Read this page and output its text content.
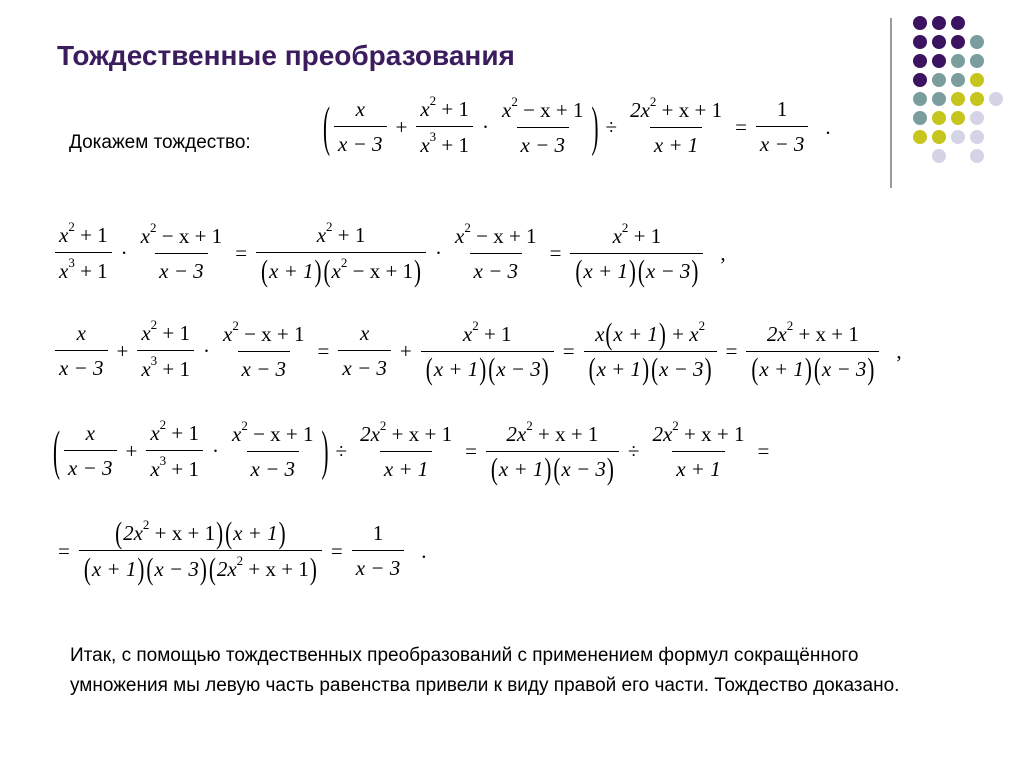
Тождественные преобразования
Докажем тождество:	( $\frac{x}{x - 3} + \frac{x^2 + 1}{x^3 + 1} \cdot \frac{x^2 - x + 1}{x - 3}$ ) ÷ $\frac{2x^2 + x + 1}{x + 1} = \frac{1}{x - 3}$ .
$\frac{x^2 + 1}{x^3 + 1} \cdot \frac{x^2 - x + 1}{x - 3} = \frac{x^2 + 1}{(x + 1)(x^2 - x + 1)} \cdot \frac{x^2 - x + 1}{x - 3} = \frac{x^2 + 1}{(x + 1)(x - 3)}$ ,
$\frac{x}{x - 3} + \frac{x^2 + 1}{x^3 + 1} \cdot \frac{x^2 - x + 1}{x - 3} = \frac{x}{x - 3} + \frac{x^2 + 1}{(x + 1)(x - 3)} = \frac{x(x + 1) + x^2}{(x + 1)(x - 3)} = \frac{2x^2 + x + 1}{(x + 1)(x - 3)}$ ,
( $\frac{x}{x - 3} + \frac{x^2 + 1}{x^3 + 1} \cdot \frac{x^2 - x + 1}{x - 3}$ ) ÷ $\frac{2x^2 + x + 1}{x + 1} = \frac{2x^2 + x + 1}{(x + 1)(x - 3)} \div \frac{2x^2 + x + 1}{x + 1}$ =
= $\frac{(2x^2 + x + 1)(x + 1)}{(x + 1)(x - 3)(2x^2 + x + 1)} = \frac{1}{x - 3}$ .
Итак, с помощью тождественных преобразований с применением формул сокращённого умножения мы левую часть равенства привели к виду правой его части. Тождество доказано.
